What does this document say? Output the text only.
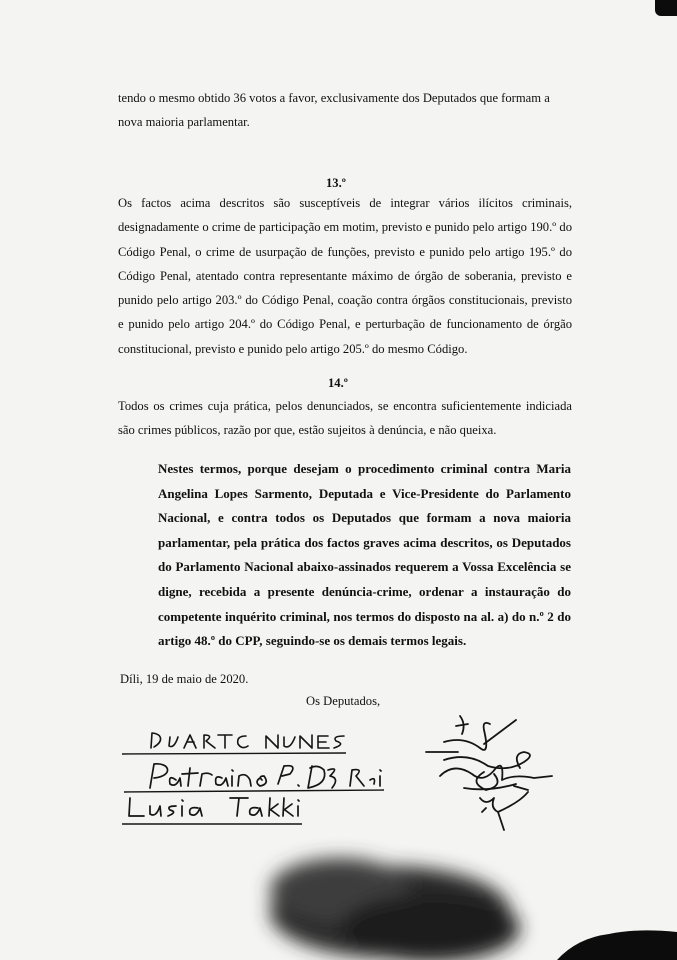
tendo o mesmo obtido 36 votos a favor, exclusivamente dos Deputados que formam a
nova maioria parlamentar.

13.º

Os factos acima descritos são susceptíveis de integrar vários ilícitos criminais, designadamente o crime de participação em motim, previsto e punido pelo artigo 190.º do Código Penal, o crime de usurpação de funções, previsto e punido pelo artigo 195.º do Código Penal, atentado contra representante máximo de órgão de soberania, previsto e punido pelo artigo 203.º do Código Penal, coação contra órgãos constitucionais, previsto e punido pelo artigo 204.º do Código Penal, e perturbação de funcionamento de órgão constitucional, previsto e punido pelo artigo 205.º do mesmo Código.

14.º

Todos os crimes cuja prática, pelos denunciados, se encontra suficientemente indiciada são crimes públicos, razão por que, estão sujeitos à denúncia, e não queixa.

Nestes termos, porque desejam o procedimento criminal contra Maria Angelina Lopes Sarmento, Deputada e Vice-Presidente do Parlamento Nacional, e contra todos os Deputados que formam a nova maioria parlamentar, pela prática dos factos graves acima descritos, os Deputados do Parlamento Nacional abaixo-assinados requerem a Vossa Excelência se digne, recebida a presente denúncia-crime, ordenar a instauração do competente inquérito criminal, nos termos do disposto na al. a) do n.º 2 do artigo 48.º do CPP, seguindo-se os demais termos legais.

Díli, 19 de maio de 2020.

Os Deputados,
